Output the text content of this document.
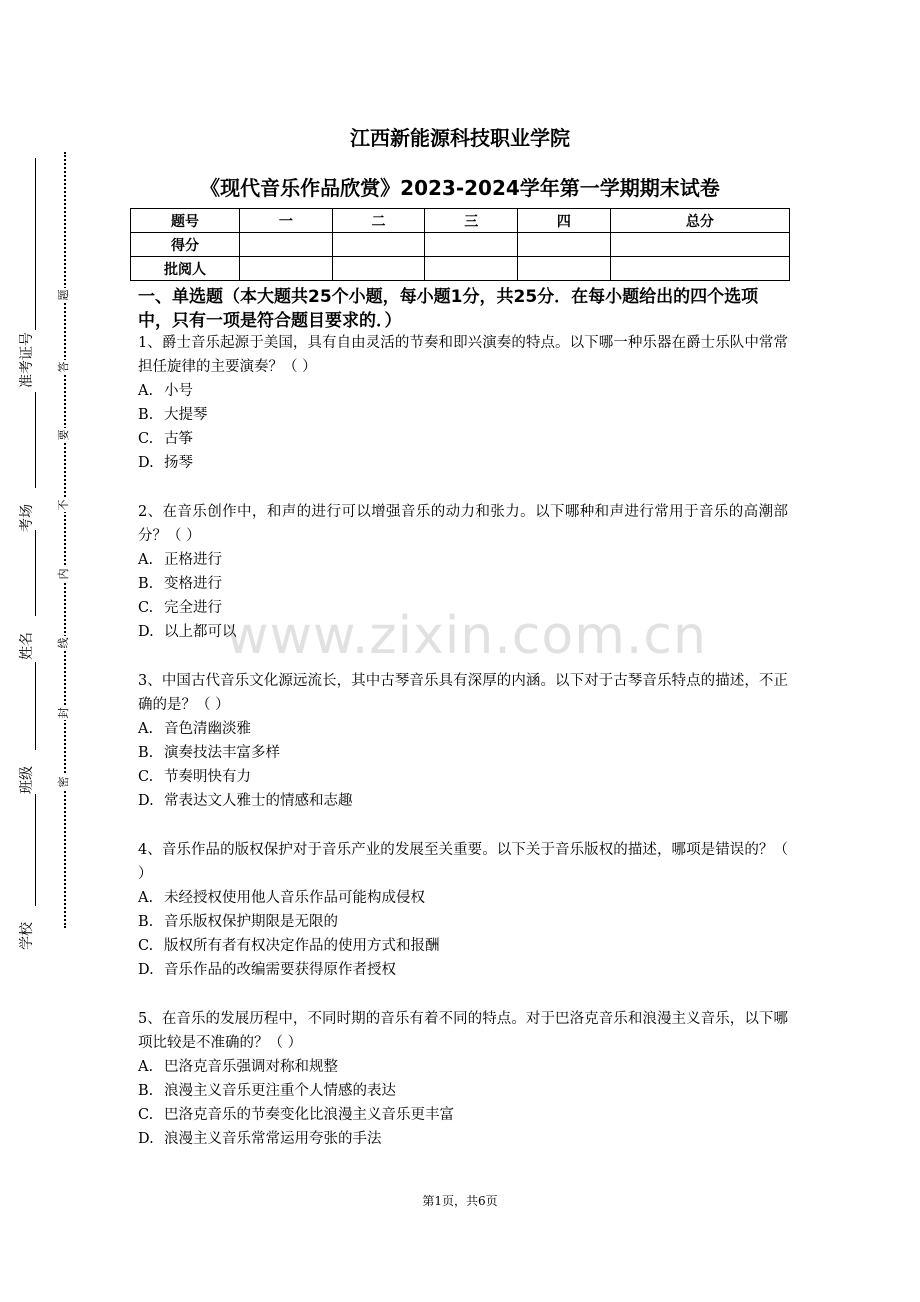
题
答
要
不
内
线
封
密
准考证号
考场
姓名
班级
学校
江西新能源科技职业学院
《现代音乐作品欣赏》2023-2024学年第一学期期末试卷
题号	一	二	三	四	总分
得分					
批阅人					
一、单选题（本大题共25个小题，每小题1分，共25分．在每小题给出的四个选项中，只有一项是符合题目要求的．）
1、爵士音乐起源于美国，具有自由灵活的节奏和即兴演奏的特点。以下哪一种乐器在爵士乐队中常常担任旋律的主要演奏？（ ）
A. 小号
B. 大提琴
C. 古筝
D. 扬琴
2、在音乐创作中，和声的进行可以增强音乐的动力和张力。以下哪种和声进行常用于音乐的高潮部分？（ ）
A. 正格进行
B. 变格进行
C. 完全进行
D. 以上都可以
3、中国古代音乐文化源远流长，其中古琴音乐具有深厚的内涵。以下对于古琴音乐特点的描述，不正确的是？（ ）
A. 音色清幽淡雅
B. 演奏技法丰富多样
C. 节奏明快有力
D. 常表达文人雅士的情感和志趣
4、音乐作品的版权保护对于音乐产业的发展至关重要。以下关于音乐版权的描述，哪项是错误的？（ ）
A. 未经授权使用他人音乐作品可能构成侵权
B. 音乐版权保护期限是无限的
C. 版权所有者有权决定作品的使用方式和报酬
D. 音乐作品的改编需要获得原作者授权
5、在音乐的发展历程中，不同时期的音乐有着不同的特点。对于巴洛克音乐和浪漫主义音乐，以下哪项比较是不准确的？（ ）
A. 巴洛克音乐强调对称和规整
B. 浪漫主义音乐更注重个人情感的表达
C. 巴洛克音乐的节奏变化比浪漫主义音乐更丰富
D. 浪漫主义音乐常常运用夸张的手法
www.zixin.com.cn
第1页，共6页
